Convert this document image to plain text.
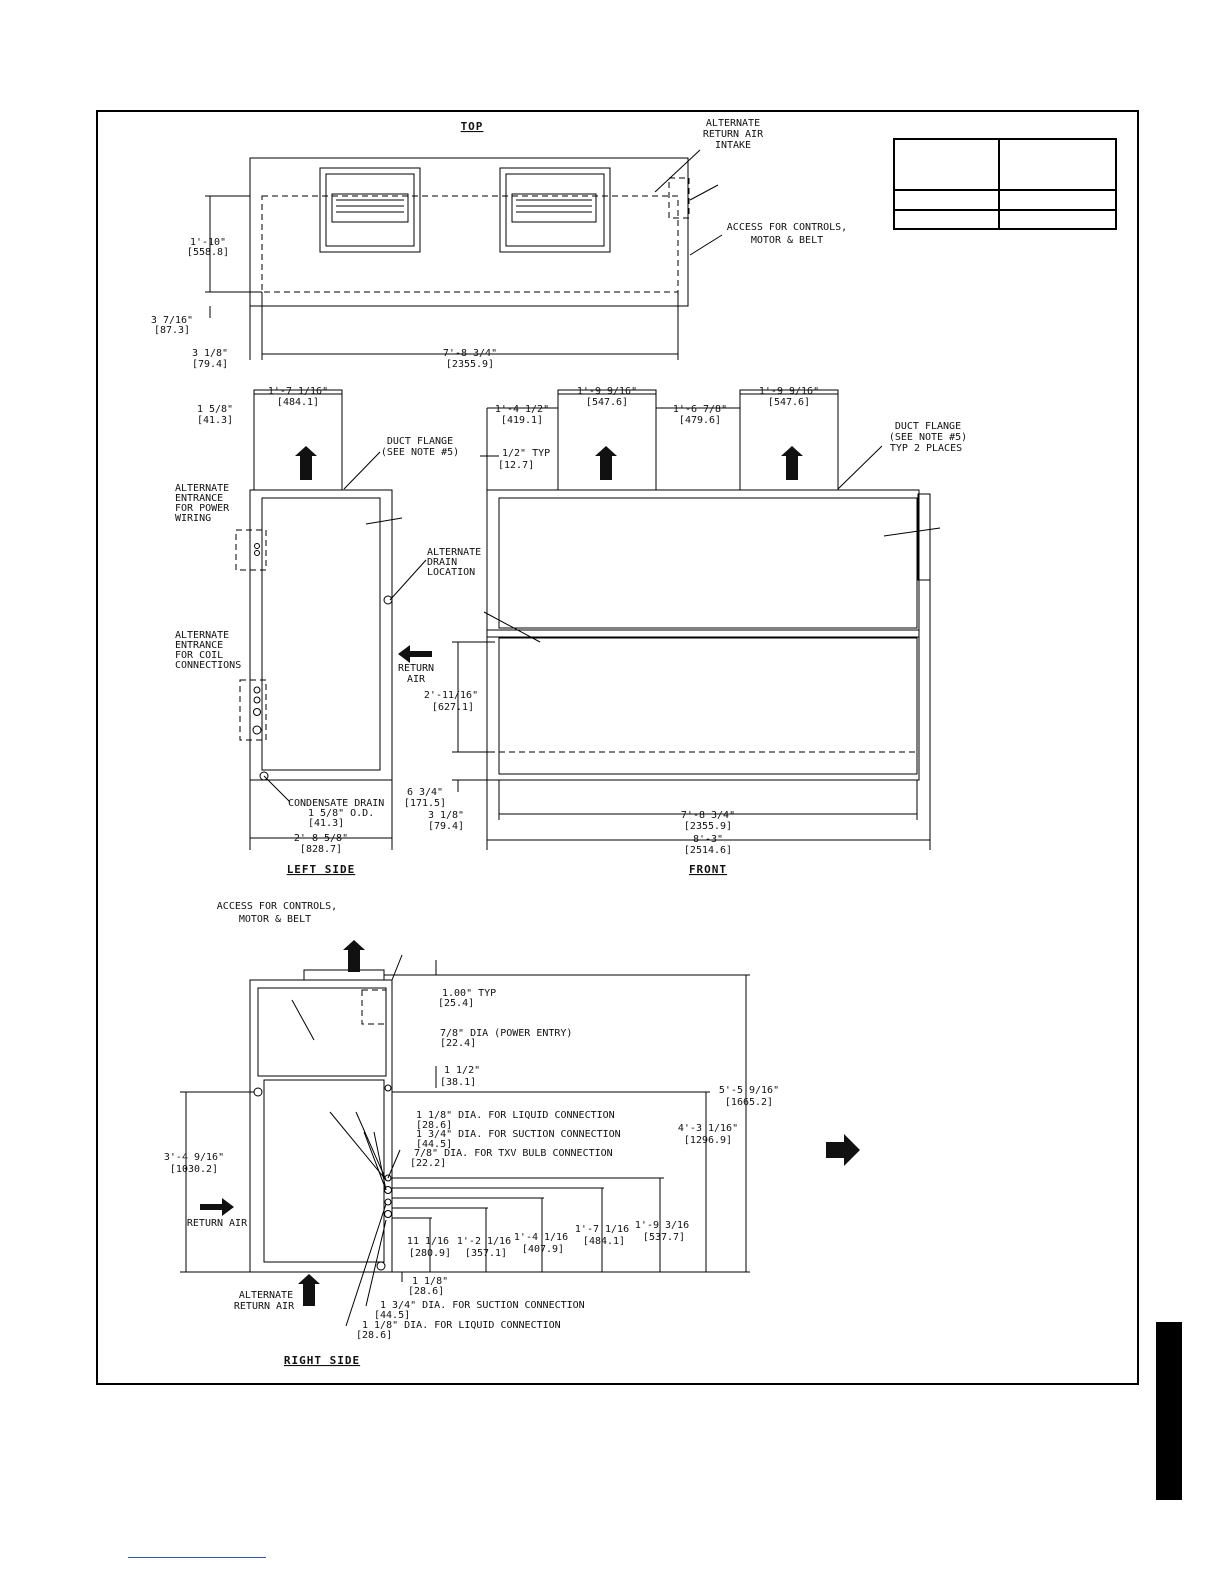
TOP	ALTERNATE
RETURN AIR
INTAKE
ACCESS FOR CONTROLS,
MOTOR & BELT
1'-10"
[558.8]
3 7/16"
[87.3]
3 1/8"
[79.4]
7'-8 3/4"
[2355.9]
1'-7 1/16"
[484.1]
1 5/8"
[41.3]
DUCT FLANGE
(SEE NOTE #5)
ALTERNATE
ENTRANCE
FOR POWER
WIRING
ALTERNATE
DRAIN
LOCATION
ALTERNATE
ENTRANCE
FOR COIL
CONNECTIONS	RETURN
AIR
CONDENSATE DRAIN
1 5/8" O.D.
[41.3]
2'-8 5/8"
[828.7]
LEFT SIDE
1'-4 1/2"
[419.1]
1'-9 9/16"
[547.6]
1'-6 7/8"
[479.6]
1'-9 9/16"
[547.6]
1/2" TYP
[12.7]
DUCT FLANGE
(SEE NOTE #5)
TYP 2 PLACES
2'-11/16"
[627.1]
6 3/4"
[171.5]
3 1/8"
[79.4]
7'-8 3/4"
[2355.9]
8'-3"
[2514.6]
FRONT
ACCESS FOR CONTROLS,
MOTOR & BELT
1.00" TYP
[25.4]
7/8" DIA (POWER ENTRY)
[22.4]
1 1/2"
[38.1]
1 1/8" DIA. FOR LIQUID CONNECTION
[28.6]
1 3/4" DIA. FOR SUCTION CONNECTION
[44.5]
7/8" DIA. FOR TXV BULB CONNECTION
[22.2]
5'-5 9/16"
[1665.2]
4'-3 1/16"
[1296.9]
3'-4 9/16"
[1030.2]
RETURN AIR
11 1/16
[280.9]
1'-2 1/16
[357.1]
1'-4 1/16
[407.9]
1'-7 1/16
[484.1]
1'-9 3/16
[537.7]
1 1/8"
[28.6]
1 3/4" DIA. FOR SUCTION CONNECTION
[44.5]
1 1/8" DIA. FOR LIQUID CONNECTION
[28.6]
ALTERNATE
RETURN AIR
RIGHT SIDE
